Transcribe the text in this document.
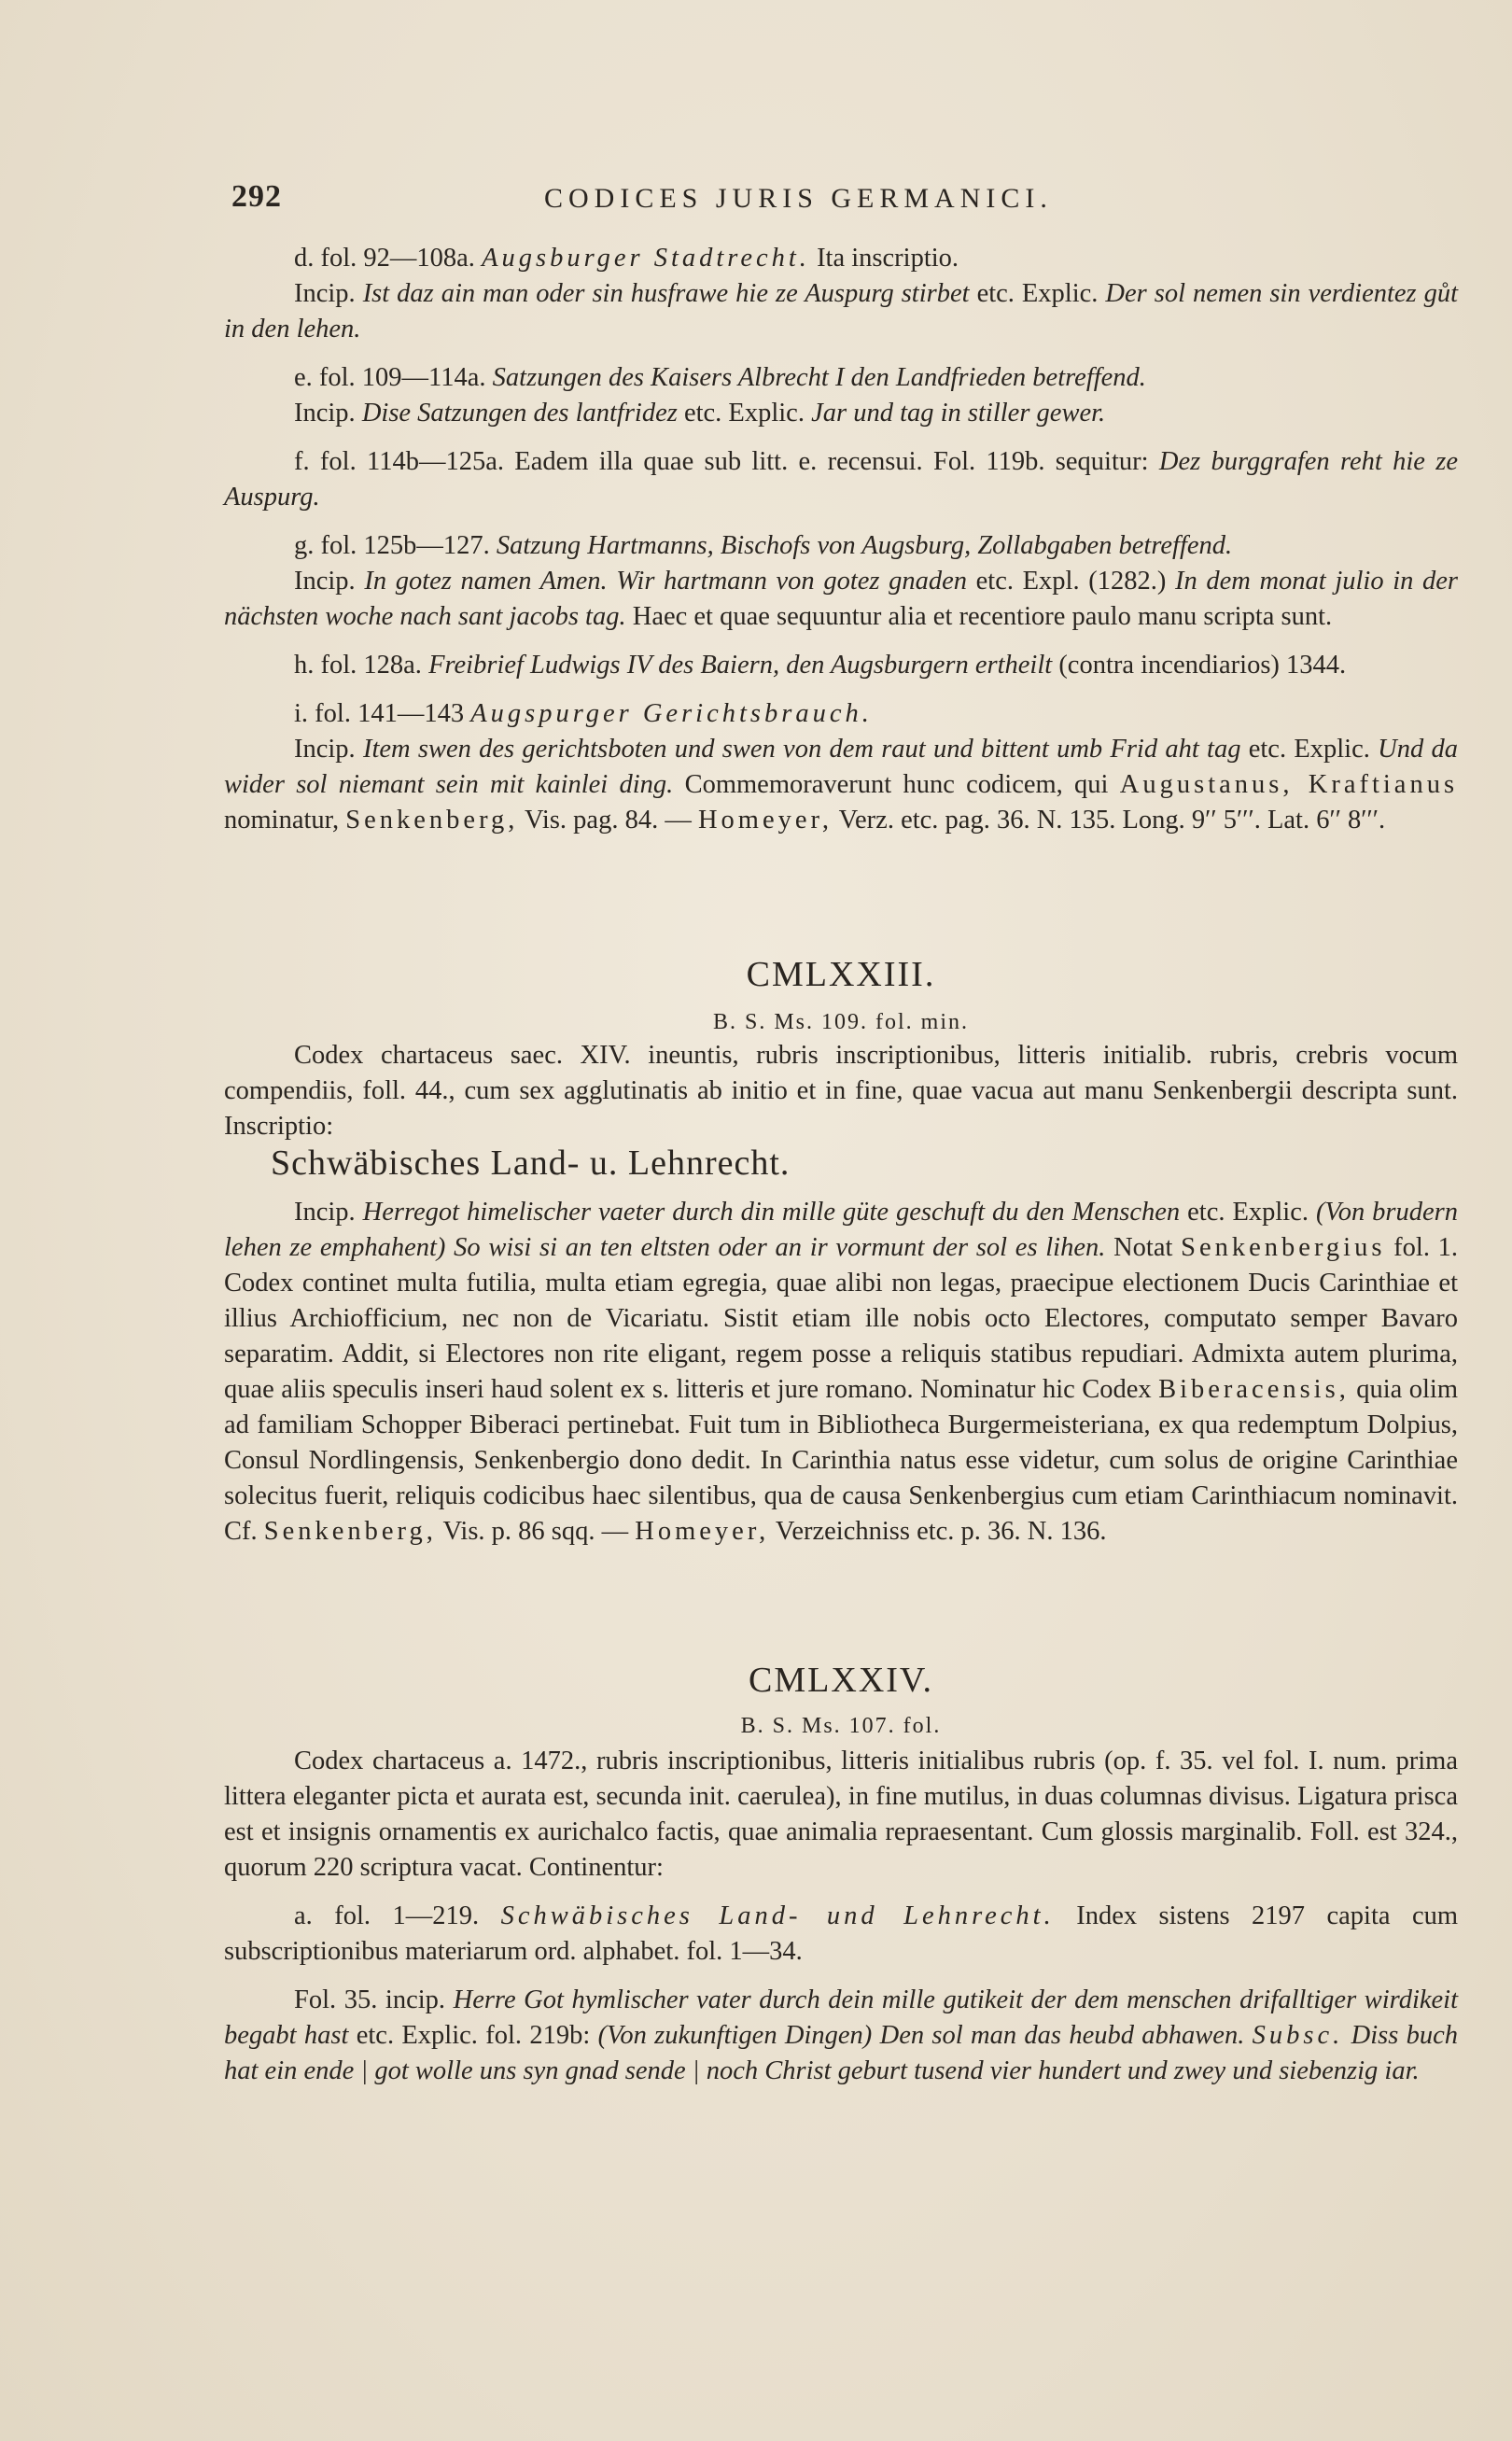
292	CODICES JURIS GERMANICI.

d. fol. 92—108a. Augsburger Stadtrecht. Ita inscriptio.
Incip. Ist daz ain man oder sin husfrawe hie ze Auspurg stirbet etc. Explic. Der sol nemen sin verdientez gůt in den lehen.

e. fol. 109—114a. Satzungen des Kaisers Albrecht I den Landfrieden betreffend.
Incip. Dise Satzungen des lantfridez etc. Explic. Jar und tag in stiller gewer.

f. fol. 114b—125a. Eadem illa quae sub litt. e. recensui. Fol. 119b. sequitur: Dez burggrafen reht hie ze Auspurg.

g. fol. 125b—127. Satzung Hartmanns, Bischofs von Augsburg, Zollabgaben betreffend.
Incip. In gotez namen Amen. Wir hartmann von gotez gnaden etc. Expl. (1282.) In dem monat julio in der nächsten woche nach sant jacobs tag. Haec et quae sequuntur alia et recentiore paulo manu scripta sunt.

h. fol. 128a. Freibrief Ludwigs IV des Baiern, den Augsburgern ertheilt (contra incendiarios) 1344.

i. fol. 141—143 Augspurger Gerichtsbrauch.
Incip. Item swen des gerichtsboten und swen von dem raut und bittent umb Frid aht tag etc. Explic. Und da wider sol niemant sein mit kainlei ding. Commemoraverunt hunc codicem, qui Augustanus, Kraftianus nominatur, Senkenberg, Vis. pag. 84. — Homeyer, Verz. etc. pag. 36. N. 135. Long. 9′′ 5′′′. Lat. 6′′ 8′′′.

CMLXXIII.
B. S. Ms. 109. fol. min.

Codex chartaceus saec. XIV. ineuntis, rubris inscriptionibus, litteris initialib. rubris, crebris vocum compendiis, foll. 44., cum sex agglutinatis ab initio et in fine, quae vacua aut manu Senkenbergii descripta sunt. Inscriptio:

Schwäbisches Land- u. Lehnrecht.

Incip. Herregot himelischer vaeter durch din mille güte geschuft du den Menschen etc. Explic. (Von brudern lehen ze emphahent) So wisi si an ten eltsten oder an ir vormunt der sol es lihen. Notat Senkenbergius fol. 1. Codex continet multa futilia, multa etiam egregia, quae alibi non legas, praecipue electionem Ducis Carinthiae et illius Archiofficium, nec non de Vicariatu. Sistit etiam ille nobis octo Electores, computato semper Bavaro separatim. Addit, si Electores non rite eligant, regem posse a reliquis statibus repudiari. Admixta autem plurima, quae aliis speculis inseri haud solent ex s. litteris et jure romano. Nominatur hic Codex Biberacensis, quia olim ad familiam Schopper Biberaci pertinebat. Fuit tum in Bibliotheca Burgermeisteriana, ex qua redemptum Dolpius, Consul Nordlingensis, Senkenbergio dono dedit. In Carinthia natus esse videtur, cum solus de origine Carinthiae solecitus fuerit, reliquis codicibus haec silentibus, qua de causa Senkenbergius cum etiam Carinthiacum nominavit. Cf. Senkenberg, Vis. p. 86 sqq. — Homeyer, Verzeichniss etc. p. 36. N. 136.

CMLXXIV.
B. S. Ms. 107. fol.

Codex chartaceus a. 1472., rubris inscriptionibus, litteris initialibus rubris (op. f. 35. vel fol. I. num. prima littera eleganter picta et aurata est, secunda init. caerulea), in fine mutilus, in duas columnas divisus. Ligatura prisca est et insignis ornamentis ex aurichalco factis, quae animalia repraesentant. Cum glossis marginalib. Foll. est 324., quorum 220 scriptura vacat. Continentur:

a. fol. 1—219. Schwäbisches Land- und Lehnrecht. Index sistens 2197 capita cum subscriptionibus materiarum ord. alphabet. fol. 1—34.

Fol. 35. incip. Herre Got hymlischer vater durch dein mille gutikeit der dem menschen drifalltiger wirdikeit begabt hast etc. Explic. fol. 219b: (Von zukunftigen Dingen) Den sol man das heubd abhawen. Subsc. Diss buch hat ein ende | got wolle uns syn gnad sende | noch Christ geburt tusend vier hundert und zwey und siebenzig iar.
